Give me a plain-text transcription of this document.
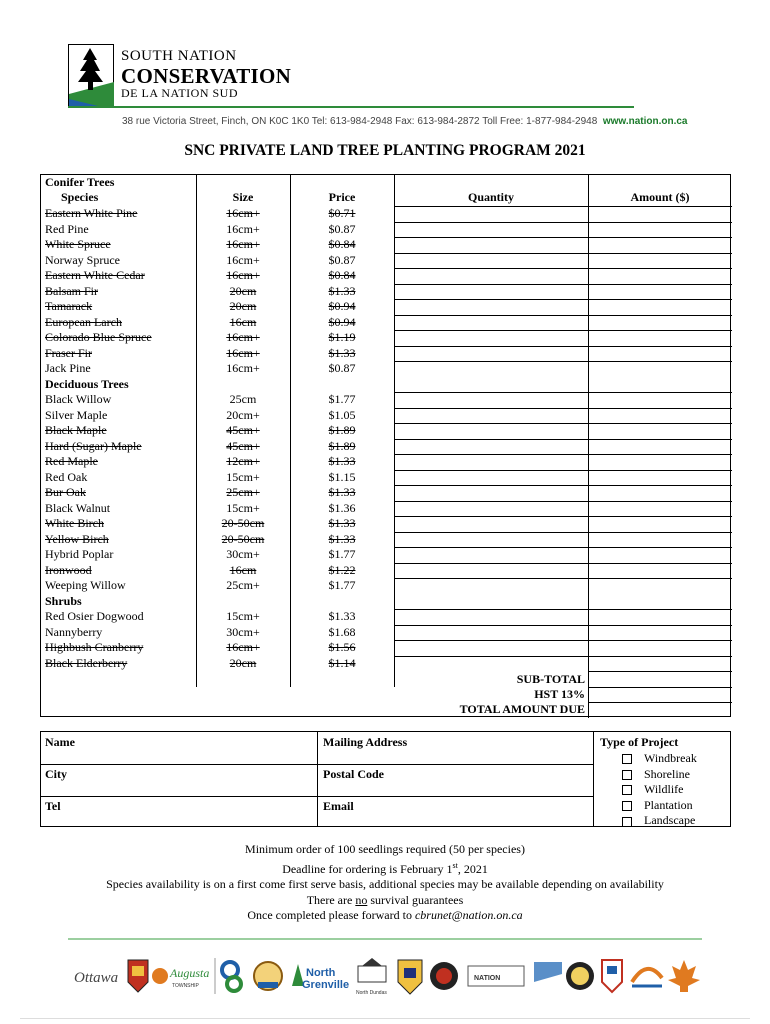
SOUTH NATION
CONSERVATION
DE LA NATION SUD
38 rue Victoria Street, Finch, ON K0C 1K0 Tel: 613-984-2948 Fax: 613-984-2872 Toll Free: 1-877-984-2948 www.nation.on.ca
SNC PRIVATE LAND TREE PLANTING PROGRAM 2021
Conifer Trees
Species	Size	Price	Quantity	Amount ($)
Eastern White Pine	16cm+	$0.71
Red Pine	16cm+	$0.87
White Spruce	16cm+	$0.84
Norway Spruce	16cm+	$0.87
Eastern White Cedar	16cm+	$0.84
Balsam Fir	20cm	$1.33
Tamarack	20cm	$0.94
European Larch	16cm	$0.94
Colorado Blue Spruce	16cm+	$1.19
Fraser Fir	16cm+	$1.33
Jack Pine	16cm+	$0.87
Deciduous Trees
Black Willow	25cm	$1.77
Silver Maple	20cm+	$1.05
Black Maple	45cm+	$1.89
Hard (Sugar) Maple	45cm+	$1.89
Red Maple	12cm+	$1.33
Red Oak	15cm+	$1.15
Bur Oak	25cm+	$1.33
Black Walnut	15cm+	$1.36
White Birch	20-50cm	$1.33
Yellow Birch	20-50cm	$1.33
Hybrid Poplar	30cm+	$1.77
Ironwood	16cm	$1.22
Weeping Willow	25cm+	$1.77
Shrubs
Red Osier Dogwood	15cm+	$1.33
Nannyberry	30cm+	$1.68
Highbush Cranberry	16cm+	$1.56
Black Elderberry	20cm	$1.14
SUB-TOTAL
HST 13%
TOTAL AMOUNT DUE
Name	Mailing Address
City	Postal Code
Tel	Email
Type of Project
Windbreak
Shoreline
Wildlife
Plantation
Landscape
Minimum order of 100 seedlings required (50 per species)
Deadline for ordering is February 1st, 2021
Species availability is on a first come first serve basis, additional species may be available depending on availability
There are no survival guarantees
Once completed please forward to cbrunet@nation.on.ca
Ottawa	Augusta
TOWNSHIP
North
Grenville
North Dundas
NATION
